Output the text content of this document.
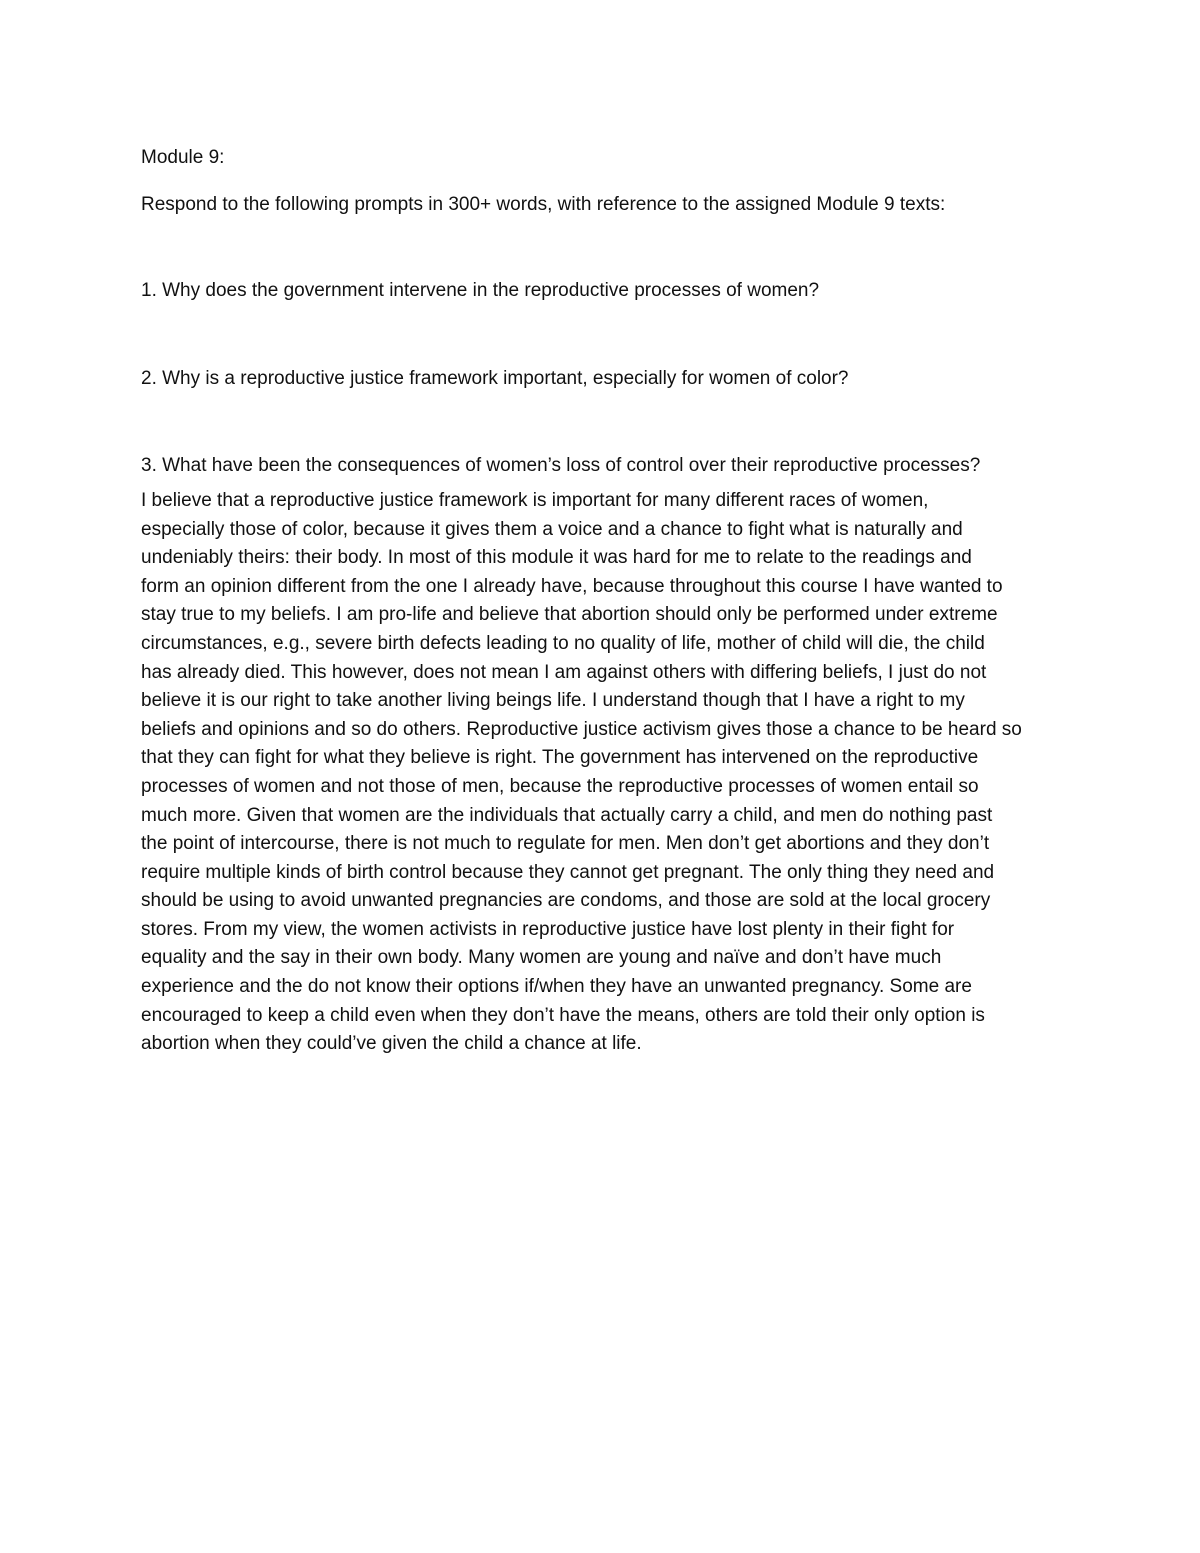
Module 9:

Respond to the following prompts in 300+ words, with reference to the assigned Module 9 texts:

1. Why does the government intervene in the reproductive processes of women?

2. Why is a reproductive justice framework important, especially for women of color?

3. What have been the consequences of women’s loss of control over their reproductive processes?

I believe that a reproductive justice framework is important for many different races of women,
especially those of color, because it gives them a voice and a chance to fight what is naturally and
undeniably theirs: their body. In most of this module it was hard for me to relate to the readings and
form an opinion different from the one I already have, because throughout this course I have wanted to
stay true to my beliefs. I am pro-life and believe that abortion should only be performed under extreme
circumstances, e.g., severe birth defects leading to no quality of life, mother of child will die, the child
has already died. This however, does not mean I am against others with differing beliefs, I just do not
believe it is our right to take another living beings life. I understand though that I have a right to my
beliefs and opinions and so do others. Reproductive justice activism gives those a chance to be heard so
that they can fight for what they believe is right. The government has intervened on the reproductive
processes of women and not those of men, because the reproductive processes of women entail so
much more. Given that women are the individuals that actually carry a child, and men do nothing past
the point of intercourse, there is not much to regulate for men. Men don’t get abortions and they don’t
require multiple kinds of birth control because they cannot get pregnant. The only thing they need and
should be using to avoid unwanted pregnancies are condoms, and those are sold at the local grocery
stores. From my view, the women activists in reproductive justice have lost plenty in their fight for
equality and the say in their own body. Many women are young and naïve and don’t have much
experience and the do not know their options if/when they have an unwanted pregnancy. Some are
encouraged to keep a child even when they don’t have the means, others are told their only option is
abortion when they could’ve given the child a chance at life.
